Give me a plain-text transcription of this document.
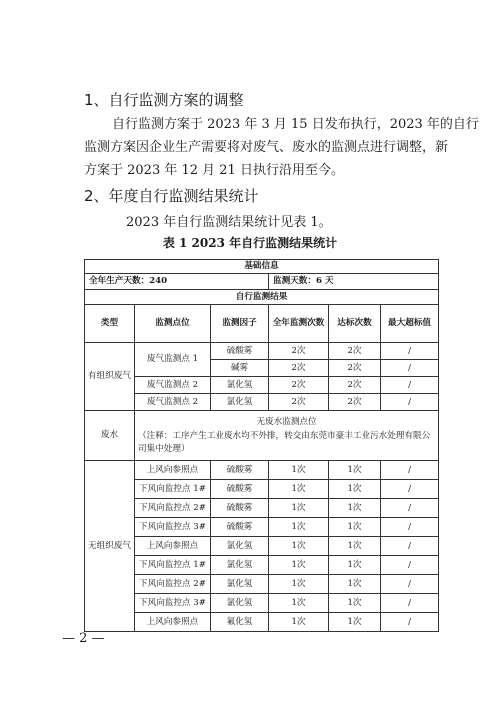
1、自行监测方案的调整
自行监测方案于 2023 年 3 月 15 日发布执行，2023 年的自行
监测方案因企业生产需要将对废气、废水的监测点进行调整，新
方案于 2023 年 12 月 21 日执行沿用至今。
2、年度自行监测结果统计
2023 年自行监测结果统计见表 1。
表 1 2023 年自行监测结果统计
基础信息					
全年生产天数：240			监测天数：6 天		
自行监测结果					
类型	监测点位	监测因子	全年监测次数	达标次数	最大超标值
有组织废气	废气监测点 1	硫酸雾	2次	2次	/
		碱雾	2次	2次	/
	废气监测点 2	氯化氢	2次	2次	/
	废气监测点 2	氯化氢	2次	2次	/
废水	无废水监测点位
（注释：工序产生工业废水均不外排，转交由东莞市豪丰工业污水处理有限公司集中处理）				

无组织废气	上风向参照点	硫酸雾	1次	1次	/
	下风向监控点 1#	硫酸雾	1次	1次	/
	下风向监控点 2#	硫酸雾	1次	1次	/
	下风向监控点 3#	硫酸雾	1次	1次	/
	上风向参照点	氯化氢	1次	1次	/
	下风向监控点 1#	氯化氢	1次	1次	/
	下风向监控点 2#	氯化氢	1次	1次	/
	下风向监控点 3#	氯化氢	1次	1次	/
	上风向参照点	氟化氢	1次	1次	/
— 2 —
